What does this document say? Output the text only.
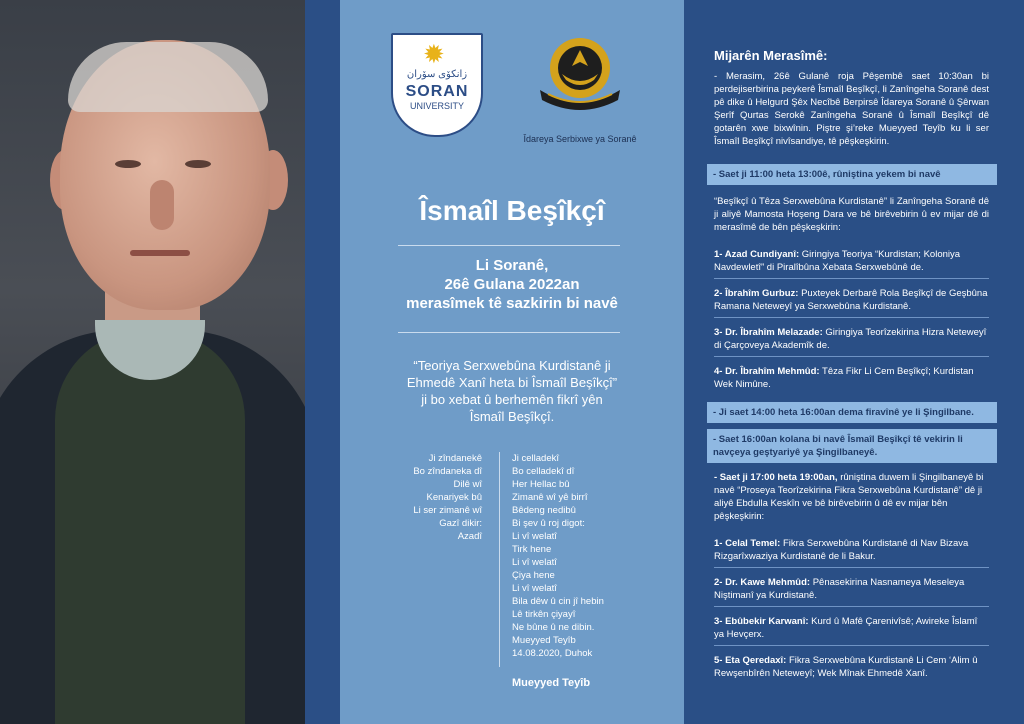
✹
زانكۆی سۆران
SORAN
UNIVERSITY
Îdareya Serbixwe ya Soranê
Îsmaîl Beşîkçî
Li Soranê,
26ê Gulana 2022an
merasîmek tê sazkirin bi navê
“Teoriya Serxwebûna Kurdistanê ji
Ehmedê Xanî heta bi Îsmaîl Beşîkçî”
ji bo xebat û berhemên fikrî yên
Îsmaîl Beşîkçî.
Ji zîndanekê
Bo zîndaneka dî
Dilê wî
Kenariyek bû
Li ser zimanê wî
Gazî dikir:
Azadî
Ji celladekî
Bo celladekî dî
Her Hellac bû
Zimanê wî yê birrî
Bêdeng nedibû
Bi şev û roj digot:
Li vî welatî
Tirk hene
Li vî welatî
Çiya hene
Li vî welatî
Bila dêw û cin jî hebin
Lê tirkên çiyayî
Ne bûne û ne dibin.
Mueyyed Teyîb
14.08.2020, Duhok
Mueyyed Teyîb
Mijarên Merasîmê:
- Merasim, 26ê Gulanê roja Pêşembê saet 10:30an bi perdejiserbirina peykerê Îsmaîl Beşîkçî, li Zanîngeha Soranê dest pê dike û Helgurd Şêx Necîbê Berpirsê Îdareya Soranê û Şêrwan Şerîf Qurtas Serokê Zanîngeha Soranê û Îsmaîl Beşîkçî dê gotarên xwe bixwînin. Piştre şi’reke Mueyyed Teyîb ku li ser Îsmaîl Beşîkçî nivîsandiye, tê pêşkeşkirin.
- Saet ji 11:00 heta 13:00ê, rûniştina yekem bi navê
“Beşîkçî û Têza Serxwebûna Kurdistanê” li Zanîngeha Soranê dê ji aliyê Mamosta Hoşeng Dara ve bê birêvebirin û ev mijar dê di merasîmê de bên pêşkeşkirin:
1- Azad Cundiyanî: Giringiya Teoriya “Kurdistan; Koloniya Navdewletî” di Piralîbûna Xebata Serxwebûnê de.
2- Îbrahîm Gurbuz: Puxteyek Derbarê Rola Beşîkçî de Geşbûna Ramana Neteweyî ya Serxwebûna Kurdistanê.
3- Dr. Îbrahîm Melazade: Giringiya Teorîzekirina Hizra Neteweyî di Çarçoveya Akademîk de.
4- Dr. Îbrahîm Mehmûd: Têza Fikr Li Cem Beşîkçî; Kurdistan Wek Nimûne.
- Ji saet 14:00 heta 16:00an dema firavînê ye li Şingilbane.
- Saet 16:00an kolana bi navê Îsmaîl Beşîkçî tê vekirin li navçeya geştyariyê ya Şingilbaneyê.
- Saet ji 17:00 heta 19:00an, rûniştina duwem li Şingilbaneyê bi navê “Proseya Teorîzekirina Fikra Serxwebûna Kurdistanê” dê ji aliyê Ebdulla Keskîn ve bê birêvebirin û dê ev mijar bên pêşkeşkirin:
1- Celal Temel: Fikra Serxwebûna Kurdistanê di Nav Bizava Rizgarîxwaziya Kurdistanê de li Bakur.
2- Dr. Kawe Mehmûd: Pênasekirina Nasnameya Meseleya Niştimanî ya Kurdistanê.
3- Ebûbekir Karwanî: Kurd û Mafê Çarenivîsê; Awireke Îslamî ya Hevçerx.
5- Eta Qeredaxî: Fikra Serxwebûna Kurdistanê Li Cem ‘Alim û Rewşenbîrên Neteweyî; Wek Mînak Ehmedê Xanî.
